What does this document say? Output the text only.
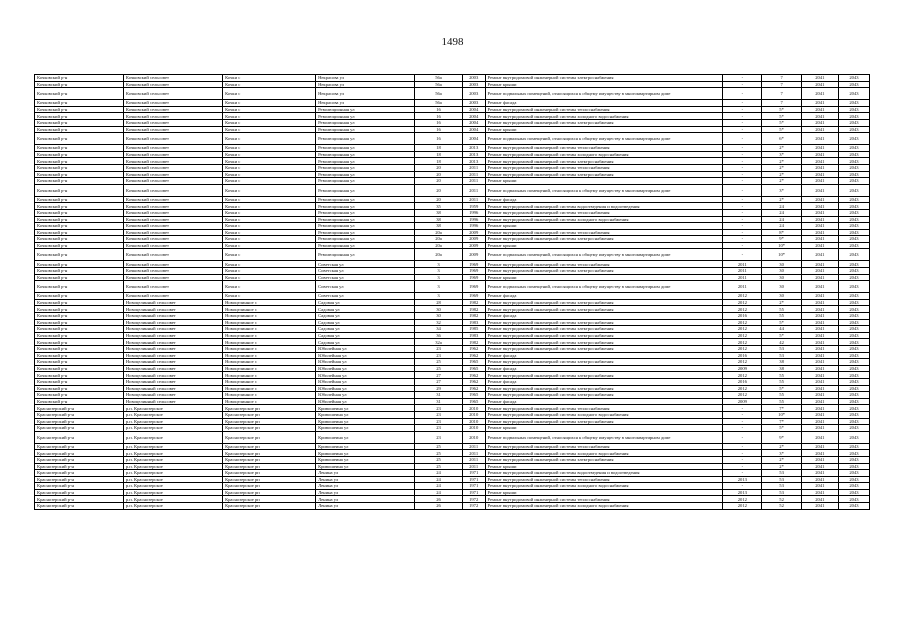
1498
Кочковский р-н	Кочковский сельсовет	Кочки с	Некрасова ул	56а	2003	Ремонт внутридомовой инженерной системы электроснабжения	-	7	2041	2043
Кочковский р-н	Кочковский сельсовет	Кочки с	Некрасова ул	56а	2003	Ремонт крыши	-	7	2041	2043
Кочковский р-н	Кочковский сельсовет	Кочки с	Некрасова ул	56а	2003	Ремонт подвальных помещений, относящихся к общему имуществу в многоквартирном доме	-	7	2041	2043
Кочковский р-н	Кочковский сельсовет	Кочки с	Некрасова ул	56а	2003	Ремонт фасада	-	7	2041	2043
Кочковский р-н	Кочковский сельсовет	Кочки с	Революционная ул	16	2004	Ремонт внутридомовой инженерной системы теплоснабжения	-	5*	2041	2043
Кочковский р-н	Кочковский сельсовет	Кочки с	Революционная ул	16	2004	Ремонт внутридомовой инженерной системы холодного водоснабжения	-	5*	2041	2043
Кочковский р-н	Кочковский сельсовет	Кочки с	Революционная ул	16	2004	Ремонт внутридомовой инженерной системы электроснабжения	-	5*	2041	2043
Кочковский р-н	Кочковский сельсовет	Кочки с	Революционная ул	16	2004	Ремонт крыши	-	5*	2041	2043
Кочковский р-н	Кочковский сельсовет	Кочки с	Революционная ул	16	2004	Ремонт подвальных помещений, относящихся к общему имуществу в многоквартирном доме	-	6*	2041	2043
Кочковский р-н	Кочковский сельсовет	Кочки с	Революционная ул	18	2013	Ремонт внутридомовой инженерной системы теплоснабжения	-	2*	2041	2043
Кочковский р-н	Кочковский сельсовет	Кочки с	Революционная ул	18	2013	Ремонт внутридомовой инженерной системы холодного водоснабжения	-	3*	2041	2043
Кочковский р-н	Кочковский сельсовет	Кочки с	Революционная ул	18	2013	Ремонт внутридомовой инженерной системы электроснабжения	-	2*	2041	2043
Кочковский р-н	Кочковский сельсовет	Кочки с	Революционная ул	20	2011	Ремонт внутридомовой инженерной системы теплоснабжения	-	2*	2041	2043
Кочковский р-н	Кочковский сельсовет	Кочки с	Революционная ул	20	2011	Ремонт внутридомовой инженерной системы электроснабжения	-	2*	2041	2043
Кочковский р-н	Кочковский сельсовет	Кочки с	Революционная ул	20	2011	Ремонт крыши	-	2*	2041	2043
Кочковский р-н	Кочковский сельсовет	Кочки с	Революционная ул	20	2011	Ремонт подвальных помещений, относящихся к общему имуществу в многоквартирном доме	-	3*	2041	2043
Кочковский р-н	Кочковский сельсовет	Кочки с	Революционная ул	20	2011	Ремонт фасада	-	2*	2041	2043
Кочковский р-н	Кочковский сельсовет	Кочки с	Революционная ул	35	1959	Ремонт внутридомовой инженерной системы водоотведения и водоотведения	-	24	2041	2043
Кочковский р-н	Кочковский сельсовет	Кочки с	Революционная ул	38	1996	Ремонт внутридомовой инженерной системы теплоснабжения	-	24	2041	2043
Кочковский р-н	Кочковский сельсовет	Кочки с	Революционная ул	38	1996	Ремонт внутридомовой инженерной системы холодного водоснабжения	-	24	2041	2043
Кочковский р-н	Кочковский сельсовет	Кочки с	Революционная ул	38	1996	Ремонт крыши	-	24	2041	2043
Кочковский р-н	Кочковский сельсовет	Кочки с	Революционная ул	20а	2009	Ремонт внутридомовой инженерной системы теплоснабжения	-	8*	2041	2043
Кочковский р-н	Кочковский сельсовет	Кочки с	Революционная ул	20а	2009	Ремонт внутридомовой инженерной системы электроснабжения	-	9*	2041	2043
Кочковский р-н	Кочковский сельсовет	Кочки с	Революционная ул	20а	2009	Ремонт крыши	-	10*	2041	2043
Кочковский р-н	Кочковский сельсовет	Кочки с	Революционная ул	20а	2009	Ремонт подвальных помещений, относящихся к общему имуществу в многоквартирном доме	-	10*	2041	2043
Кочковский р-н	Кочковский сельсовет	Кочки с	Советская ул	3	1969	Ремонт внутридомовой инженерной системы теплоснабжения	2011	30	2041	2043
Кочковский р-н	Кочковский сельсовет	Кочки с	Советская ул	3	1969	Ремонт внутридомовой инженерной системы электроснабжения	2011	30	2041	2043
Кочковский р-н	Кочковский сельсовет	Кочки с	Советская ул	3	1969	Ремонт крыши	2011	30	2041	2043
Кочковский р-н	Кочковский сельсовет	Кочки с	Советская ул	3	1969	Ремонт подвальных помещений, относящихся к общему имуществу в многоквартирном доме	2011	30	2041	2043
Кочковский р-н	Кочковский сельсовет	Кочки с	Советская ул	3	1969	Ремонт фасада	2012	30	2041	2043
Кочковский р-н	Новоцелинный сельсовет	Новоцелинное с	Садовая ул	28	1982	Ремонт внутридомовой инженерной системы электроснабжения	2012	2*	2041	2043
Кочковский р-н	Новоцелинный сельсовет	Новоцелинное с	Садовая ул	30	1982	Ремонт внутридомовой инженерной системы электроснабжения	2012	55	2041	2043
Кочковский р-н	Новоцелинный сельсовет	Новоцелинное с	Садовая ул	30	1982	Ремонт фасада	2016	55	2041	2043
Кочковский р-н	Новоцелинный сельсовет	Новоцелинное с	Садовая ул	32	1983	Ремонт внутридомовой инженерной системы электроснабжения	2012	5*	2041	2043
Кочковский р-н	Новоцелинный сельсовет	Новоцелинное с	Садовая ул	34	1985	Ремонт внутридомовой инженерной системы электроснабжения	2012	44	2041	2043
Кочковский р-н	Новоцелинный сельсовет	Новоцелинное с	Садовая ул	36	1983	Ремонт внутридомовой инженерной системы электроснабжения	2012	5*	2041	2043
Кочковский р-н	Новоцелинный сельсовет	Новоцелинное с	Садовая ул	32а	1982	Ремонт внутридомовой инженерной системы электроснабжения	2012	42	2041	2043
Кочковский р-н	Новоцелинный сельсовет	Новоцелинное с	Юбилейная ул	23	1962	Ремонт внутридомовой инженерной системы электроснабжения	2012	53	2041	2043
Кочковский р-н	Новоцелинный сельсовет	Новоцелинное с	Юбилейная ул	23	1962	Ремонт фасада	2016	53	2041	2043
Кочковский р-н	Новоцелинный сельсовет	Новоцелинное с	Юбилейная ул	25	1965	Ремонт внутридомовой инженерной системы электроснабжения	2012	38	2041	2043
Кочковский р-н	Новоцелинный сельсовет	Новоцелинное с	Юбилейная ул	25	1965	Ремонт фасада	2009	38	2041	2043
Кочковский р-н	Новоцелинный сельсовет	Новоцелинное с	Юбилейная ул	27	1962	Ремонт внутридомовой инженерной системы электроснабжения	2012	55	2041	2043
Кочковский р-н	Новоцелинный сельсовет	Новоцелинное с	Юбилейная ул	27	1962	Ремонт фасада	2016	55	2041	2043
Кочковский р-н	Новоцелинный сельсовет	Новоцелинное с	Юбилейная ул	29	1962	Ремонт внутридомовой инженерной системы электроснабжения	2012	5*	2041	2043
Кочковский р-н	Новоцелинный сельсовет	Новоцелинное с	Юбилейная ул	31	1965	Ремонт внутридомовой инженерной системы электроснабжения	2012	55	2041	2043
Кочковский р-н	Новоцелинный сельсовет	Новоцелинное с	Юбилейная ул	31	1965	Ремонт фасада	2009	55	2041	2043
Краснозерский р-н	р.п. Краснозерское	Краснозерское рп	Кривошеина ул	23	2010	Ремонт внутридомовой инженерной системы теплоснабжения	-	7*	2041	2043
Краснозерский р-н	р.п. Краснозерское	Краснозерское рп	Кривошеина ул	23	2010	Ремонт внутридомовой инженерной системы холодного водоснабжения	-	10*	2041	2043
Краснозерский р-н	р.п. Краснозерское	Краснозерское рп	Кривошеина ул	23	2010	Ремонт внутридомовой инженерной системы электроснабжения	-	7*	2041	2043
Краснозерский р-н	р.п. Краснозерское	Краснозерское рп	Кривошеина ул	23	2010	Ремонт крыши	-	5*	2041	2043
Краснозерский р-н	р.п. Краснозерское	Краснозерское рп	Кривошеина ул	23	2010	Ремонт подвальных помещений, относящихся к общему имуществу в многоквартирном доме	-	9*	2041	2043
Краснозерский р-н	р.п. Краснозерское	Краснозерское рп	Кривошеина ул	25	2011	Ремонт внутридомовой инженерной системы теплоснабжения	-	2*	2041	2043
Краснозерский р-н	р.п. Краснозерское	Краснозерское рп	Кривошеина ул	25	2011	Ремонт внутридомовой инженерной системы холодного водоснабжения	-	3*	2041	2043
Краснозерский р-н	р.п. Краснозерское	Краснозерское рп	Кривошеина ул	25	2011	Ремонт внутридомовой инженерной системы электроснабжения	-	2*	2041	2043
Краснозерский р-н	р.п. Краснозерское	Краснозерское рп	Кривошеина ул	25	2011	Ремонт крыши	-	2*	2041	2043
Краснозерский р-н	р.п. Краснозерское	Краснозерское рп	Ленина ул	24	1971	Ремонт внутридомовой инженерной системы водоотведения и водоотведения	-	53	2041	2043
Краснозерский р-н	р.п. Краснозерское	Краснозерское рп	Ленина ул	24	1971	Ремонт внутридомовой инженерной системы теплоснабжения	2013	53	2041	2043
Краснозерский р-н	р.п. Краснозерское	Краснозерское рп	Ленина ул	24	1971	Ремонт внутридомовой инженерной системы холодного водоснабжения	-	53	2041	2043
Краснозерский р-н	р.п. Краснозерское	Краснозерское рп	Ленина ул	24	1971	Ремонт крыши	2013	53	2041	2043
Краснозерский р-н	р.п. Краснозерское	Краснозерское рп	Ленина ул	26	1972	Ремонт внутридомовой инженерной системы теплоснабжения	2012	52	2041	2043
Краснозерский р-н	р.п. Краснозерское	Краснозерское рп	Ленина ул	26	1972	Ремонт внутридомовой инженерной системы холодного водоснабжения	2012	52	2041	2043
